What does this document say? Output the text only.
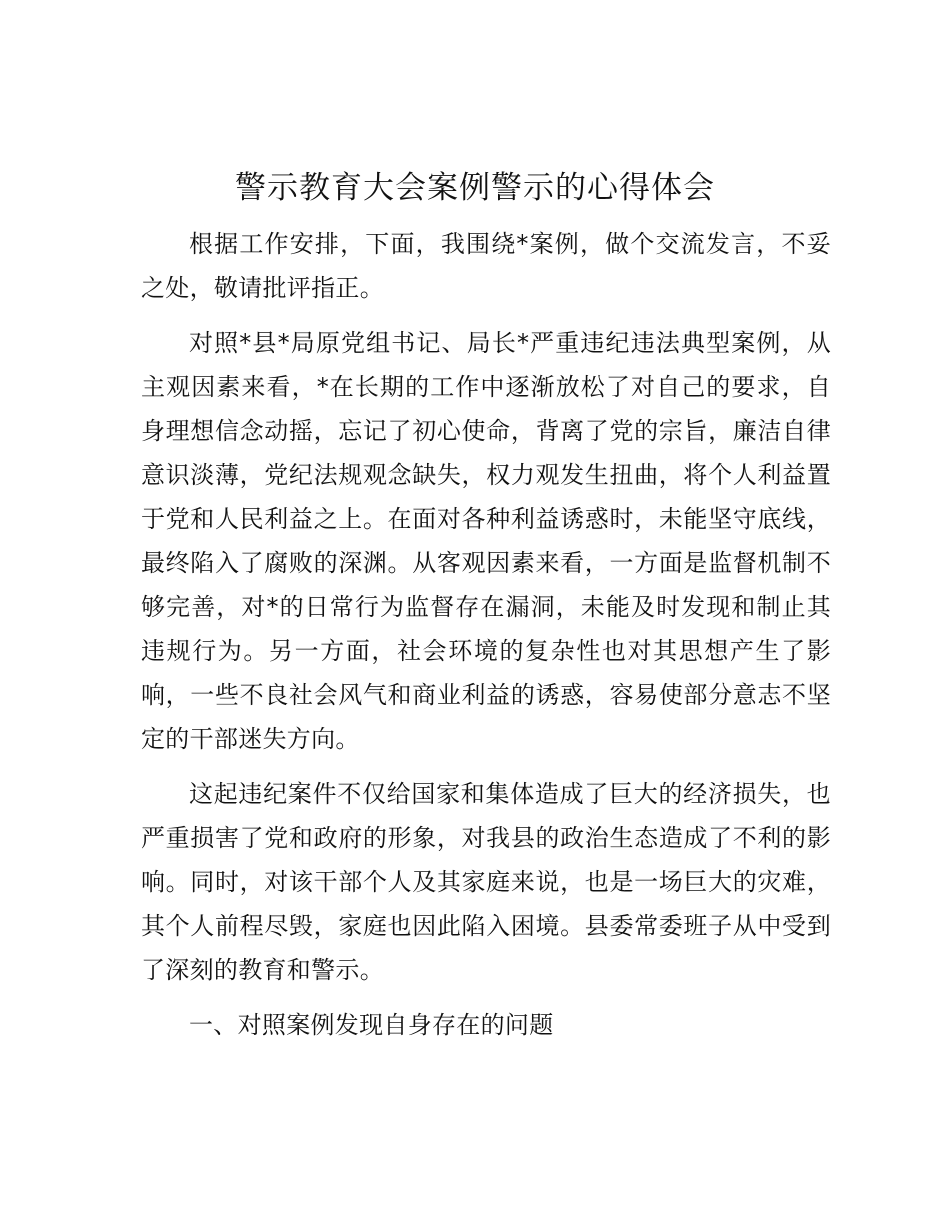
警示教育大会案例警示的心得体会

根据工作安排，下面，我围绕*案例，做个交流发言，不妥之处，敬请批评指正。

对照*县*局原党组书记、局长*严重违纪违法典型案例，从主观因素来看，*在长期的工作中逐渐放松了对自己的要求，自身理想信念动摇，忘记了初心使命，背离了党的宗旨，廉洁自律意识淡薄，党纪法规观念缺失，权力观发生扭曲，将个人利益置于党和人民利益之上。在面对各种利益诱惑时，未能坚守底线，最终陷入了腐败的深渊。从客观因素来看，一方面是监督机制不够完善，对*的日常行为监督存在漏洞，未能及时发现和制止其违规行为。另一方面，社会环境的复杂性也对其思想产生了影响，一些不良社会风气和商业利益的诱惑，容易使部分意志不坚定的干部迷失方向。

这起违纪案件不仅给国家和集体造成了巨大的经济损失，也严重损害了党和政府的形象，对我县的政治生态造成了不利的影响。同时，对该干部个人及其家庭来说，也是一场巨大的灾难，其个人前程尽毁，家庭也因此陷入困境。县委常委班子从中受到了深刻的教育和警示。

一、对照案例发现自身存在的问题
